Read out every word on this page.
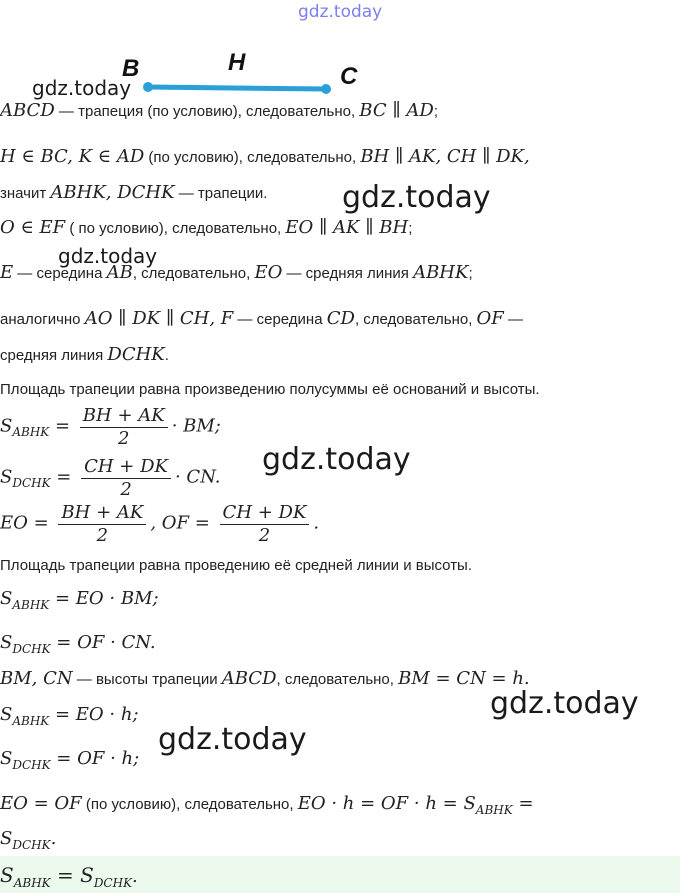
gdz.today
gdz.today
gdz.today
gdz.today
gdz.today
gdz.today
gdz.today
B	H
C
ABCD — трапеция (по условию), следовательно, BC ∥ AD;
H ∈ BC, K ∈ AD (по условию), следовательно, BH ∥ AK, CH ∥ DK,
значит ABHK, DCHK — трапеции.
O ∈ EF ( по условию), следовательно, EO ∥ AK ∥ BH;
E — середина AB, следовательно, EO — средняя линия ABHK;
аналогично AO ∥ DK ∥ CH, F — середина CD, следовательно, OF —
средняя линия DCHK.
Площадь трапеции равна произведению полусуммы её оснований и высоты.
$S_{ABHK} = \frac{BH + AK}{2}$ · BM;
$S_{DCHK} = \frac{CH + DK}{2}$ · CN.
EO = $\frac{BH + AK}{2}$ , OF = $\frac{CH + DK}{2}$ .
Площадь трапеции равна проведению её средней линии и высоты.
$S_{ABHK}$ = EO · BM;
$S_{DCHK}$ = OF · CN.
BM, CN — высоты трапеции ABCD, следовательно, BM = CN = h.
$S_{ABHK}$ = EO · h;
$S_{DCHK}$ = OF · h;
EO = OF (по условию), следовательно, EO · h = OF · $h = S_{ABHK}$ =
$S_{DCHK}$.
$S_{ABHK} = S_{DCHK}$.
